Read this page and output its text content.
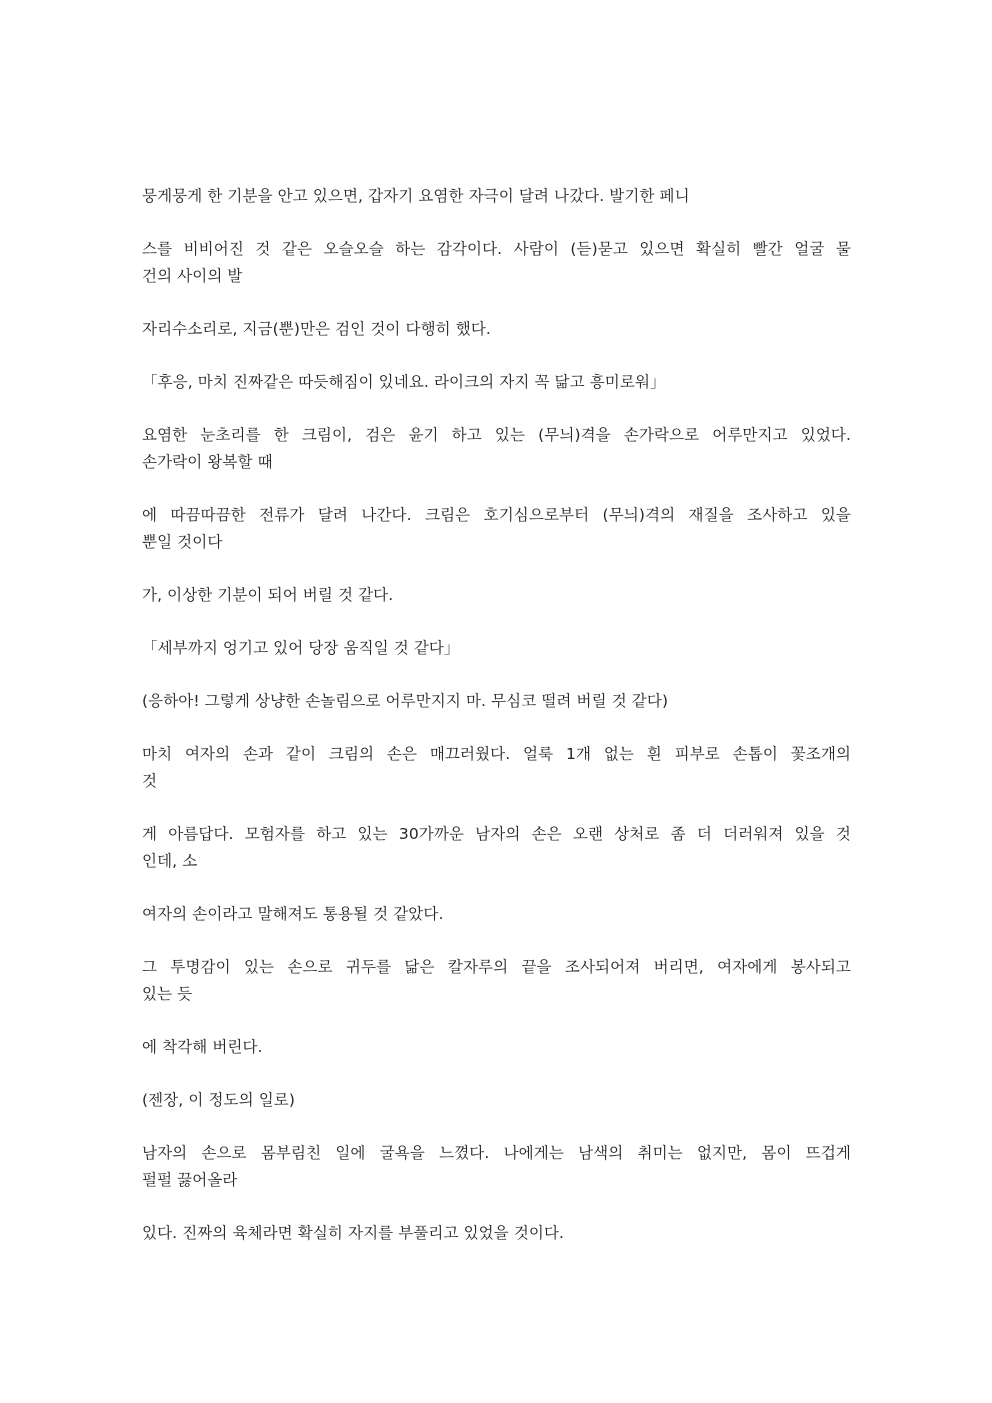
뭉게뭉게 한 기분을 안고 있으면, 갑자기 요염한 자극이 달려 나갔다. 발기한 페니

스를 비비어진 것 같은 오슬오슬 하는 감각이다. 사람이 (듣)묻고 있으면 확실히 빨간 얼굴 물
건의 사이의 발

자리수소리로, 지금(뿐)만은 검인 것이 다행히 했다.

「후응, 마치 진짜같은 따듯해짐이 있네요. 라이크의 자지 꼭 닮고 흥미로워」

요염한 눈초리를 한 크림이, 검은 윤기 하고 있는 (무늬)격을 손가락으로 어루만지고 있었다.
손가락이 왕복할 때

에 따끔따끔한 전류가 달려 나간다. 크림은 호기심으로부터 (무늬)격의 재질을 조사하고 있을
뿐일 것이다

가, 이상한 기분이 되어 버릴 것 같다.

「세부까지 엉기고 있어 당장 움직일 것 같다」

(응하아! 그렇게 상냥한 손놀림으로 어루만지지 마. 무심코 떨려 버릴 것 같다)

마치 여자의 손과 같이 크림의 손은 매끄러웠다. 얼룩 1개 없는 흰 피부로 손톱이 꽃조개의
것

게 아름답다. 모험자를 하고 있는 30가까운 남자의 손은 오랜 상처로 좀 더 더러워져 있을 것
인데, 소

여자의 손이라고 말해져도 통용될 것 같았다.

그 투명감이 있는 손으로 귀두를 닮은 칼자루의 끝을 조사되어져 버리면, 여자에게 봉사되고
있는 듯

에 착각해 버린다.

(젠장, 이 정도의 일로)

남자의 손으로 몸부림친 일에 굴욕을 느꼈다. 나에게는 남색의 취미는 없지만, 몸이 뜨겁게
펄펄 끓어올라

있다. 진짜의 육체라면 확실히 자지를 부풀리고 있었을 것이다.
